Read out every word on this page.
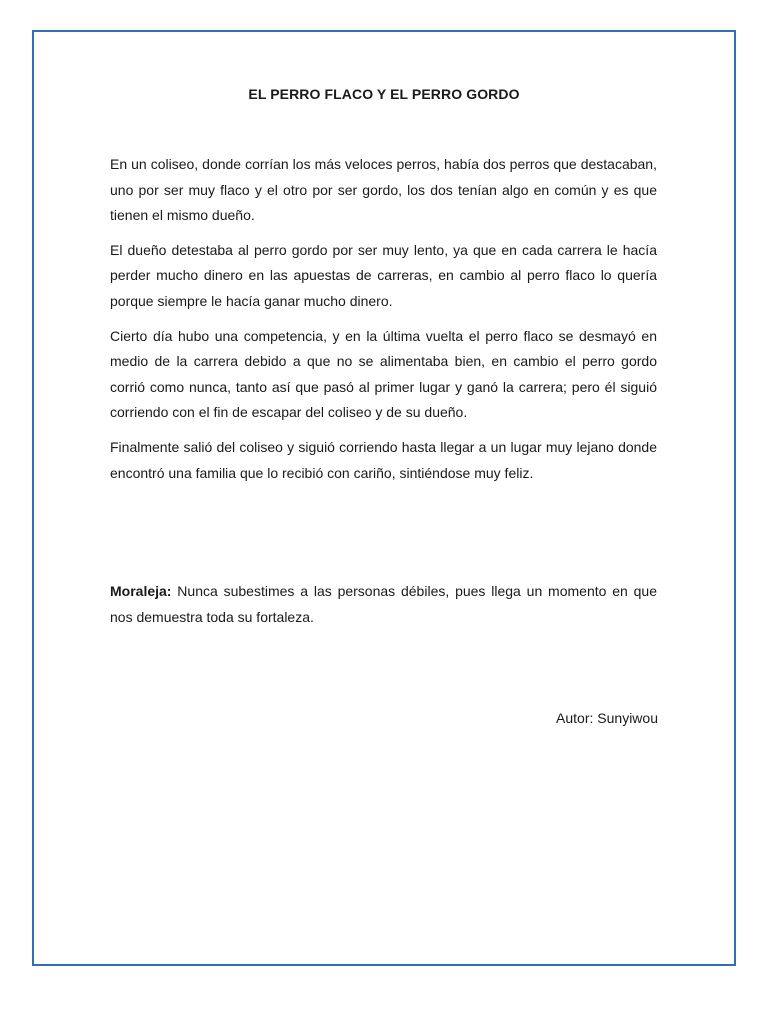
EL PERRO FLACO Y EL PERRO GORDO

En un coliseo, donde corrían los más veloces perros, había dos perros que destacaban, uno por ser muy flaco y el otro por ser gordo, los dos tenían algo en común y es que tienen el mismo dueño.

El dueño detestaba al perro gordo por ser muy lento, ya que en cada carrera le hacía perder mucho dinero en las apuestas de carreras, en cambio al perro flaco lo quería porque siempre le hacía ganar mucho dinero.

Cierto día hubo una competencia, y en la última vuelta el perro flaco se desmayó en medio de la carrera debido a que no se alimentaba bien, en cambio el perro gordo corrió como nunca, tanto así que pasó al primer lugar y ganó la carrera; pero él siguió corriendo con el fin de escapar del coliseo y de su dueño.

Finalmente salió del coliseo y siguió corriendo hasta llegar a un lugar muy lejano donde encontró una familia que lo recibió con cariño, sintiéndose muy feliz.

Moraleja: Nunca subestimes a las personas débiles, pues llega un momento en que nos demuestra toda su fortaleza.

Autor: Sunyiwou
